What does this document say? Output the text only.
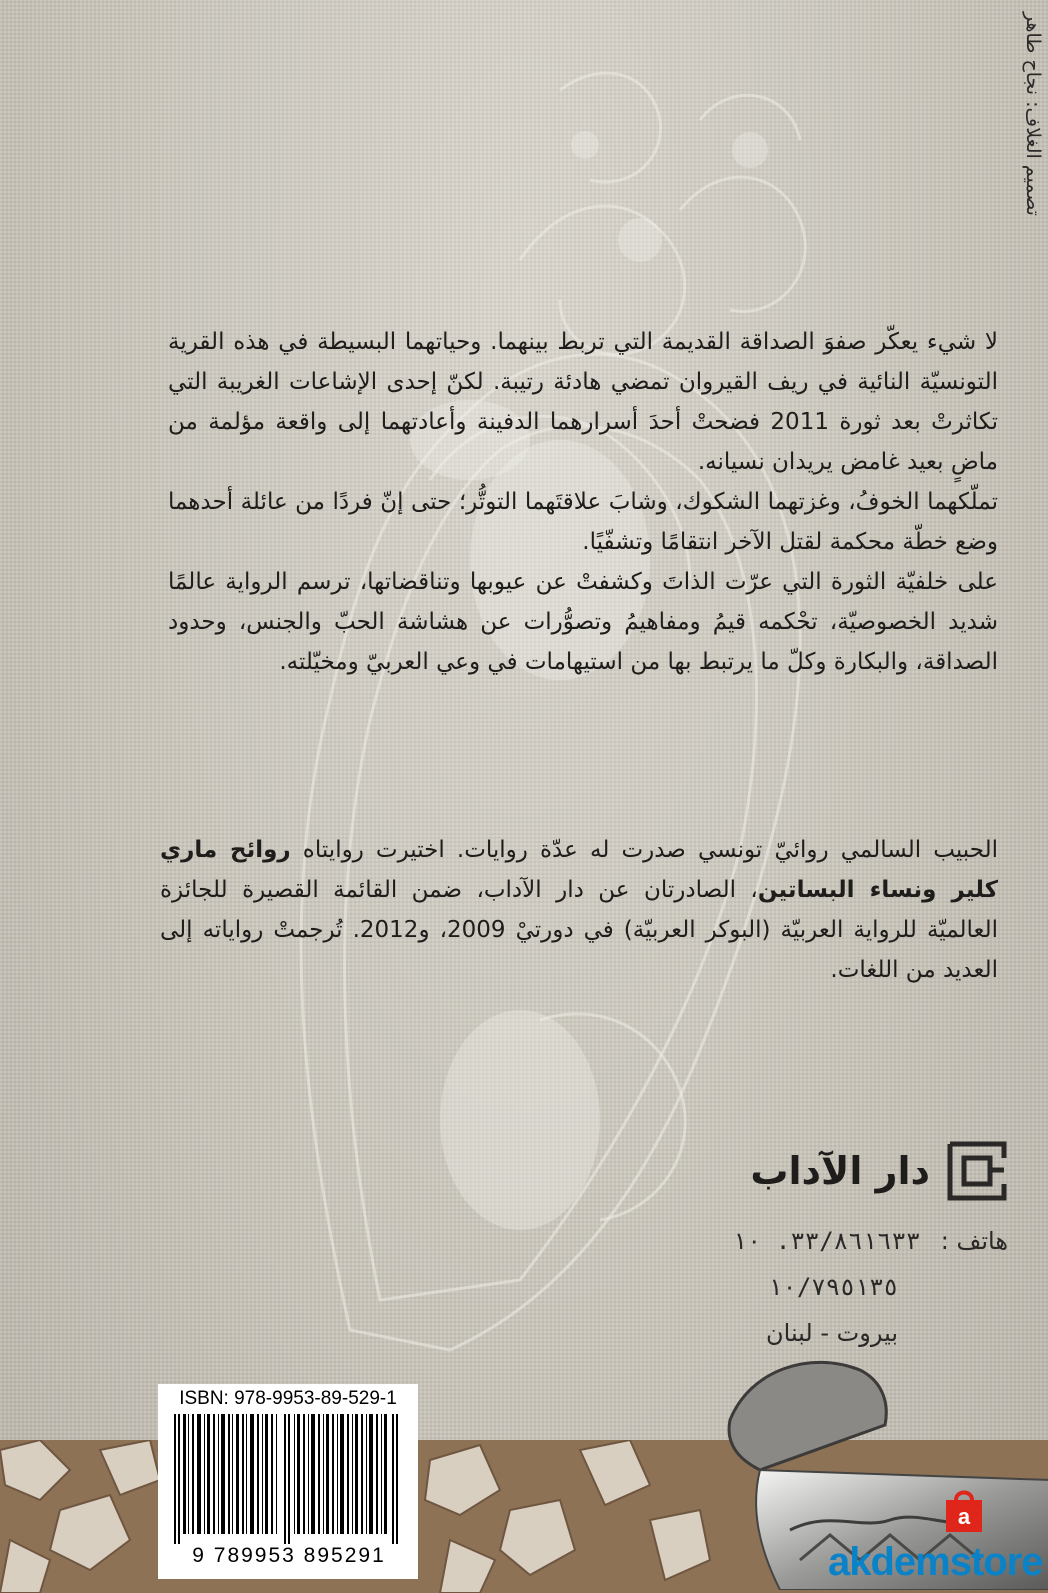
تصميم الغلاف: نجاح طاهر

لا شيء يعكّر صفوَ الصداقة القديمة التي تربط بينهما. وحياتهما البسيطة في هذه القرية التونسيّة النائية في ريف القيروان تمضي هادئة رتيبة. لكنّ إحدى الإشاعات الغريبة التي تكاثرتْ بعد ثورة 2011 فضحتْ أحدَ أسرارهما الدفينة وأعادتهما إلى واقعة مؤلمة من ماضٍ بعيد غامض يريدان نسيانه.

تملّكهما الخوفُ، وغزتهما الشكوك، وشابَ علاقتَهما التوتُّر؛ حتى إنّ فردًا من عائلة أحدهما وضع خطّة محكمة لقتل الآخر انتقامًا وتشفّيًا.

على خلفيّة الثورة التي عرّت الذاتَ وكشفتْ عن عيوبها وتناقضاتها، ترسم الرواية عالمًا شديد الخصوصيّة، تحْكمه قيمُ ومفاهيمُ وتصوُّرات عن هشاشة الحبّ والجنس، وحدود الصداقة، والبكارة وكلّ ما يرتبط بها من استيهامات في وعي العربيّ ومخيّلته.

الحبيب السالمي روائيّ تونسي صدرت له عدّة روايات. اختيرت روايتاه روائح ماري كلير ونساء البساتين، الصادرتان عن دار الآداب، ضمن القائمة القصيرة للجائزة العالميّة للرواية العربيّة (البوكر العربيّة) في دورتيْ 2009، و2012. تُرجمتْ رواياته إلى العديد من اللغات.
دار الآداب
هاتف : ٣٣/٨٦١٦٣٣. ١٠
١٠/٧٩٥١٣٥
بيروت - لبنان
ISBN: 978-9953-89-529-1
9 789953 895291
a
akdemstore
